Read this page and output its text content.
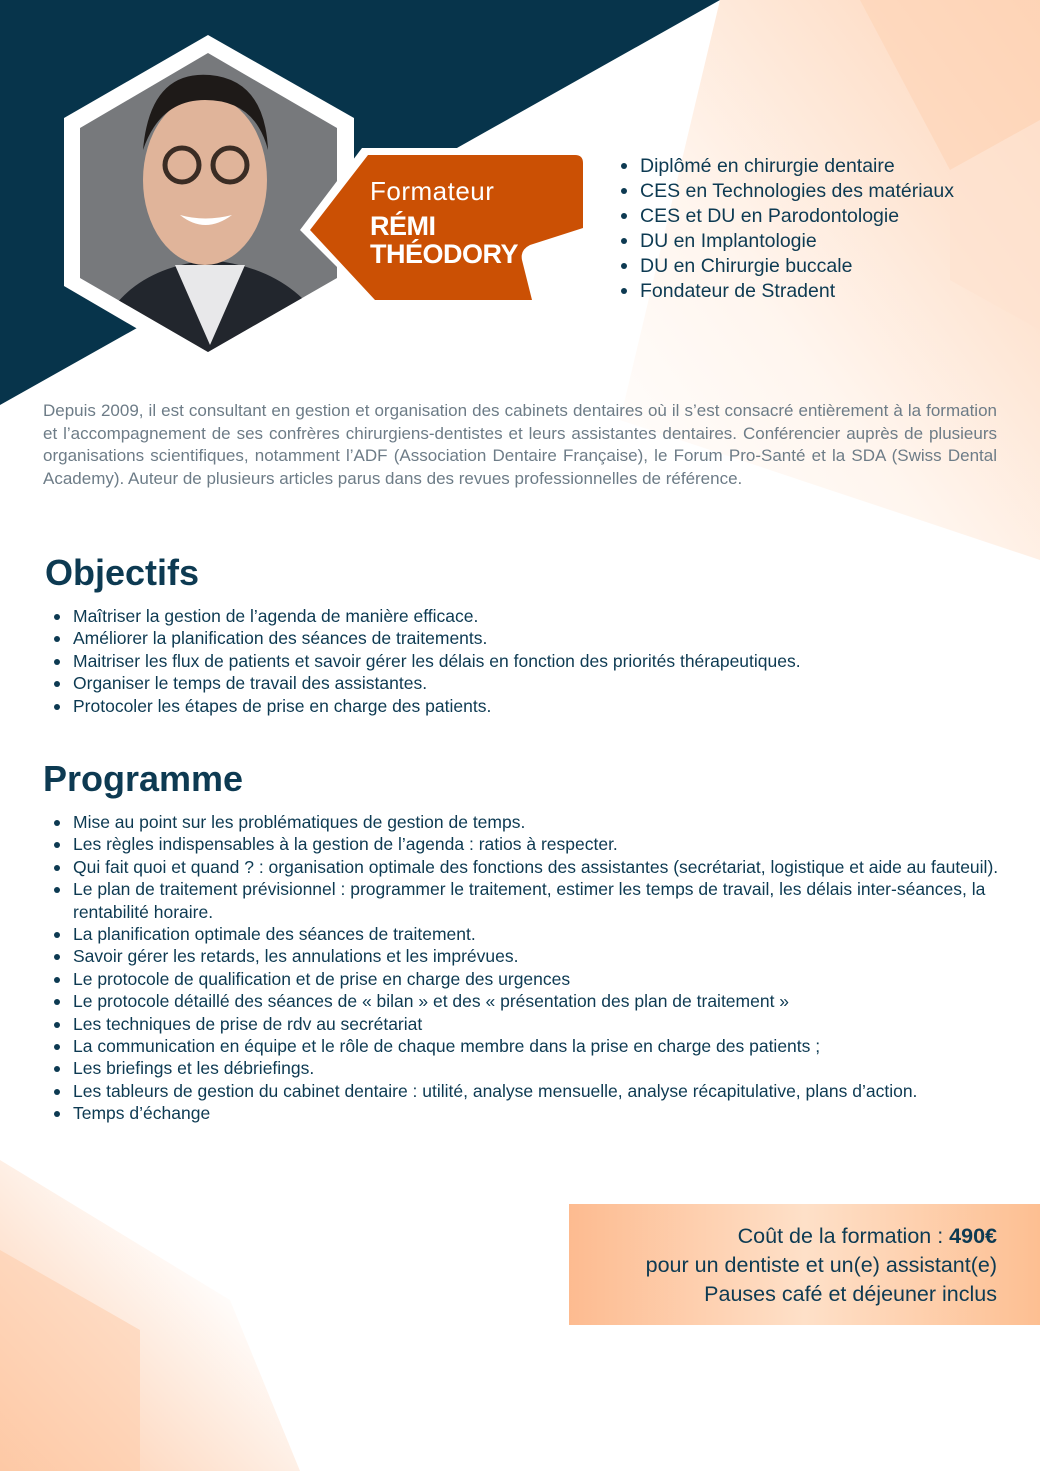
Formateur
RÉMI
THÉODORY
Diplômé en chirurgie dentaire
CES en Technologies des matériaux
CES et DU en Parodontologie
DU en Implantologie
DU en Chirurgie buccale
Fondateur de Stradent

Depuis 2009, il est consultant en gestion et organisation des cabinets dentaires où il s’est consacré entièrement à la formation et l’accompagnement de ses confrères chirurgiens-dentistes et leurs assistantes dentaires. Conférencier auprès de plusieurs organisations scientifiques, notamment l’ADF (Association Dentaire Française), le Forum Pro-Santé et la SDA (Swiss Dental Academy). Auteur de plusieurs articles parus dans des revues professionnelles de référence.

Objectifs
Maîtriser la gestion de l’agenda de manière efficace.
Améliorer la planification des séances de traitements.
Maitriser les flux de patients et savoir gérer les délais en fonction des priorités thérapeutiques.
Organiser le temps de travail des assistantes.
Protocoler les étapes de prise en charge des patients.
Programme
Mise au point sur les problématiques de gestion de temps.
Les règles indispensables à la gestion de l’agenda : ratios à respecter.
Qui fait quoi et quand ? : organisation optimale des fonctions des assistantes (secrétariat, logistique et aide au fauteuil).
Le plan de traitement prévisionnel : programmer le traitement, estimer les temps de travail, les délais inter-séances, la rentabilité horaire.
La planification optimale des séances de traitement.
Savoir gérer les retards, les annulations et les imprévues.
Le protocole de qualification et de prise en charge des urgences
Le protocole détaillé des séances de « bilan » et des « présentation des plan de traitement »
Les techniques de prise de rdv au secrétariat
La communication en équipe et le rôle de chaque membre dans la prise en charge des patients ;
Les briefings et les débriefings.
Les tableurs de gestion du cabinet dentaire : utilité, analyse mensuelle, analyse récapitulative, plans d’action.
Temps d’échange
Coût de la formation : 490€
pour un dentiste et un(e) assistant(e)
Pauses café et déjeuner inclus
